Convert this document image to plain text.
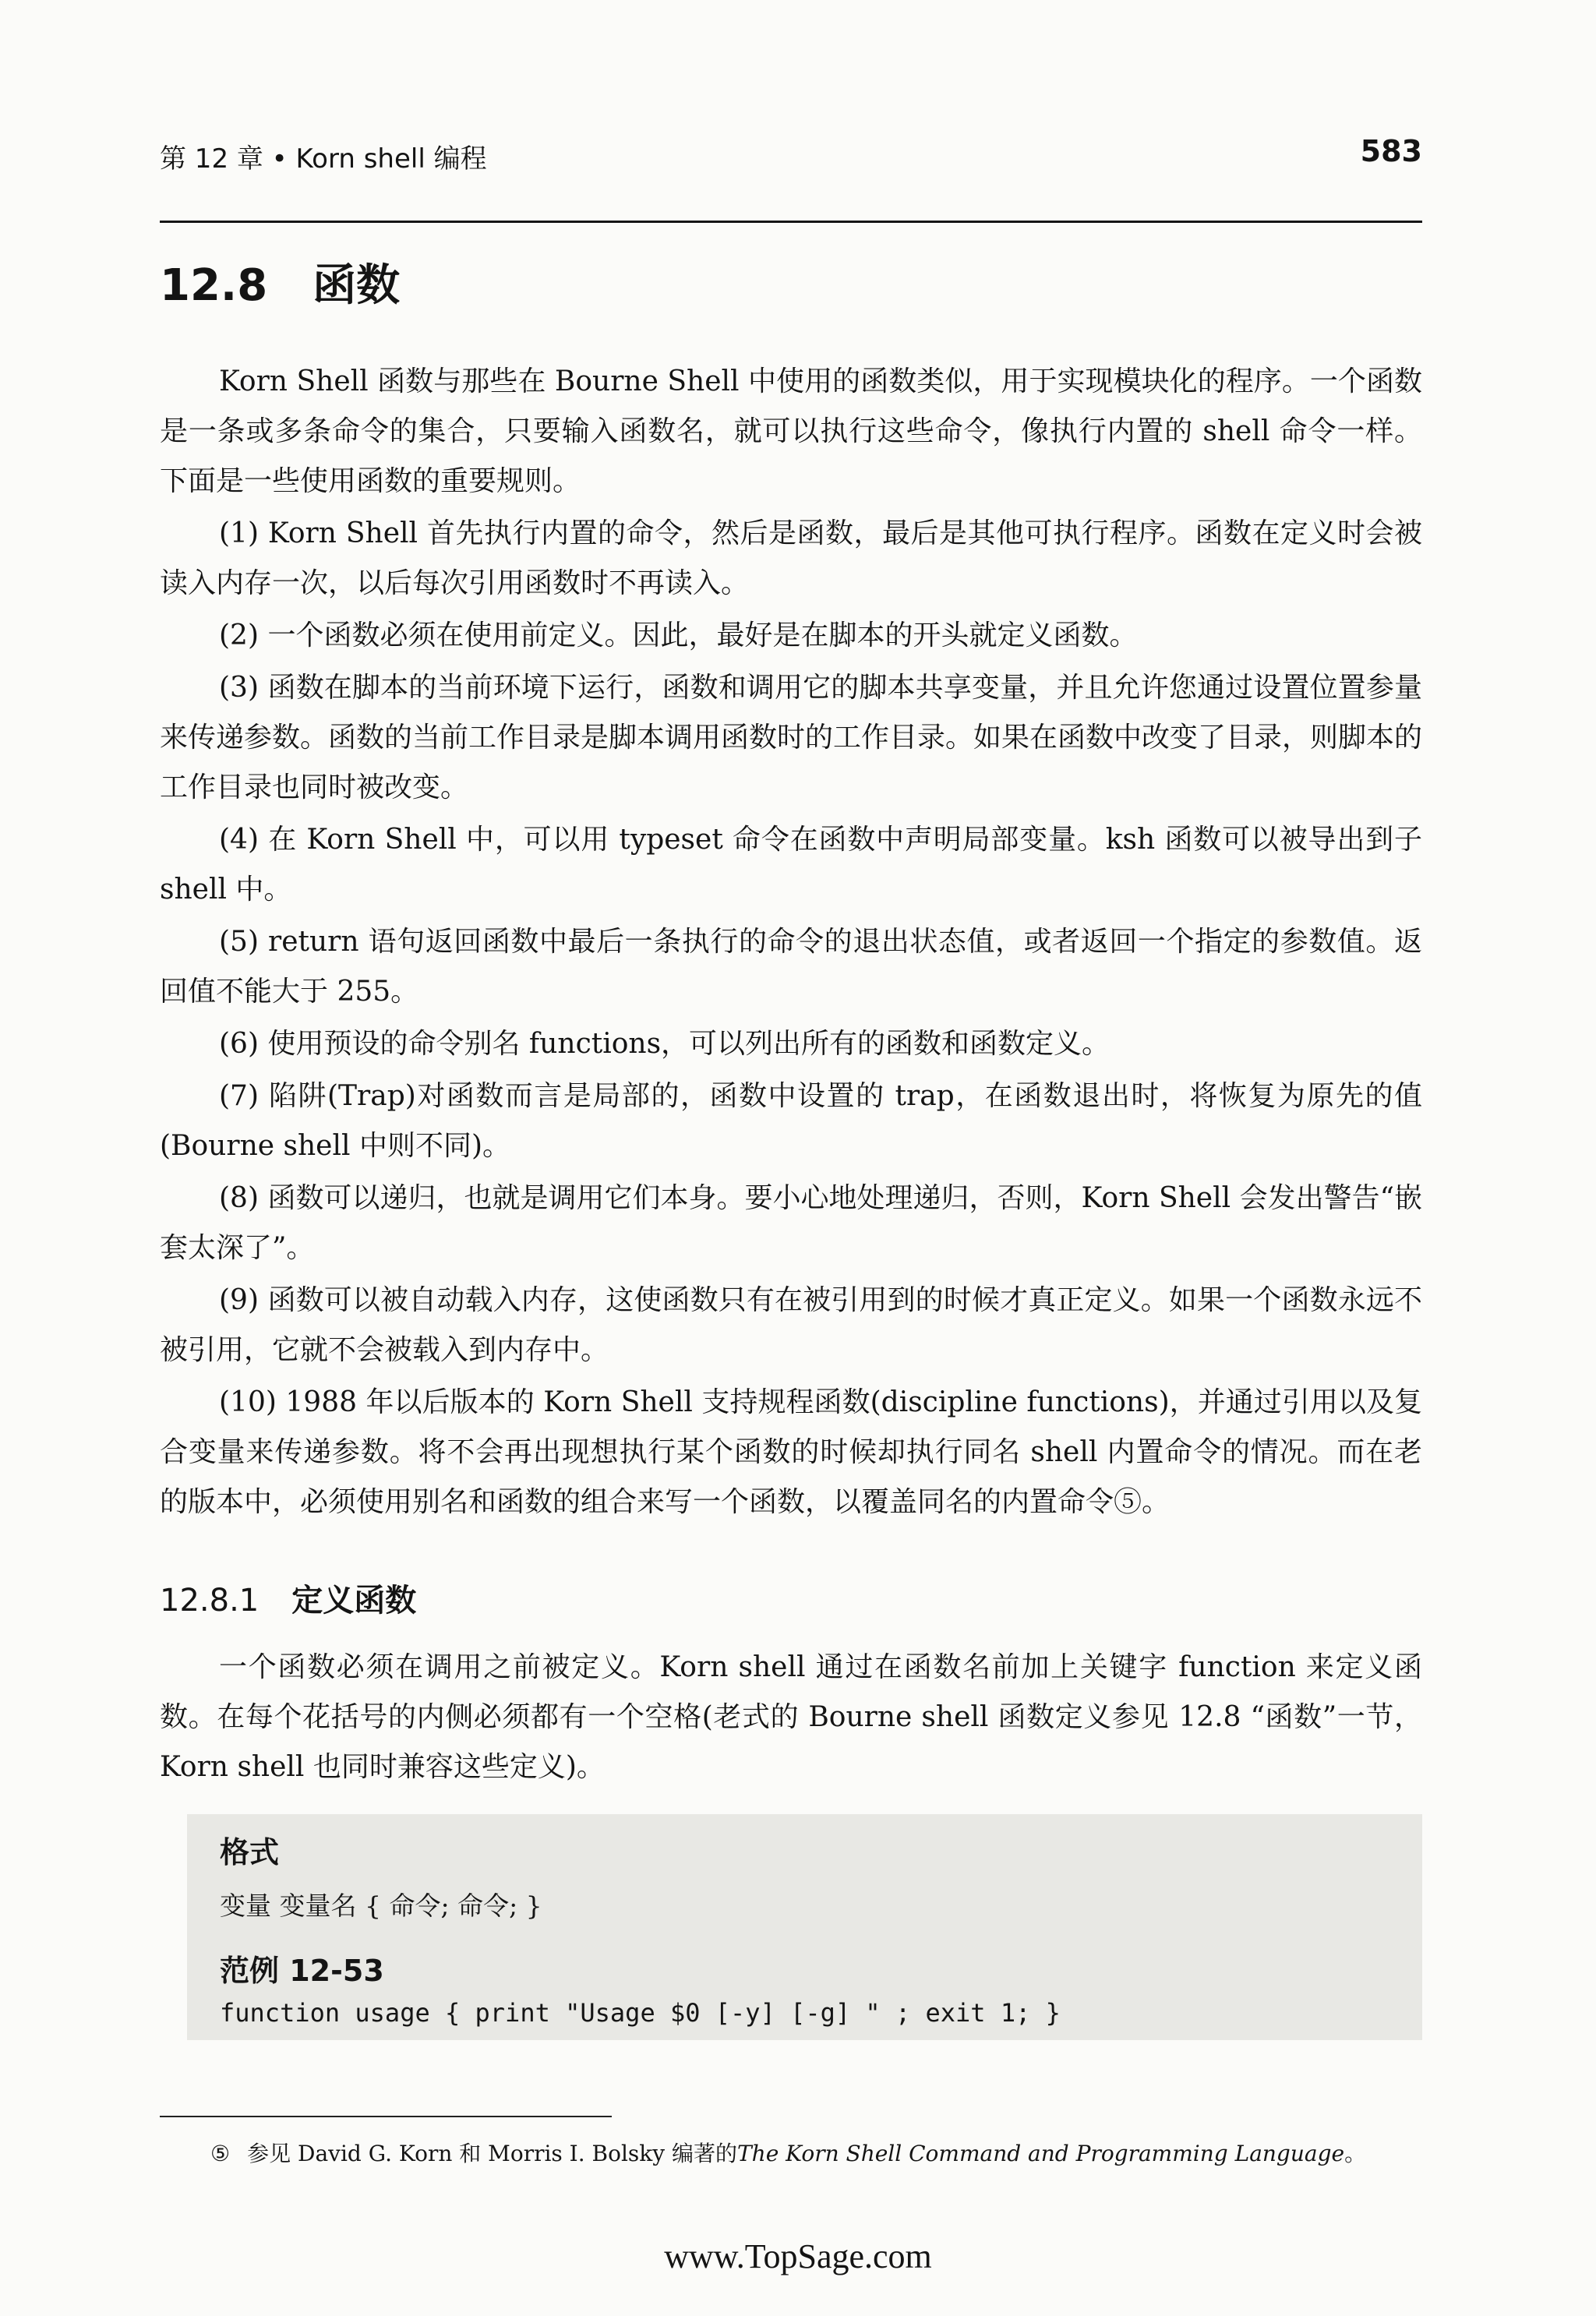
第 12 章 • Korn shell 编程	583
12.8 函数

Korn Shell 函数与那些在 Bourne Shell 中使用的函数类似，用于实现模块化的程序。一个函数是一条或多条命令的集合，只要输入函数名，就可以执行这些命令，像执行内置的 shell 命令一样。下面是一些使用函数的重要规则。

(1) Korn Shell 首先执行内置的命令，然后是函数，最后是其他可执行程序。函数在定义时会被读入内存一次，以后每次引用函数时不再读入。

(2) 一个函数必须在使用前定义。因此，最好是在脚本的开头就定义函数。

(3) 函数在脚本的当前环境下运行，函数和调用它的脚本共享变量，并且允许您通过设置位置参量来传递参数。函数的当前工作目录是脚本调用函数时的工作目录。如果在函数中改变了目录，则脚本的工作目录也同时被改变。

(4) 在 Korn Shell 中，可以用 typeset 命令在函数中声明局部变量。ksh 函数可以被导出到子 shell 中。

(5) return 语句返回函数中最后一条执行的命令的退出状态值，或者返回一个指定的参数值。返回值不能大于 255。

(6) 使用预设的命令别名 functions，可以列出所有的函数和函数定义。

(7) 陷阱(Trap)对函数而言是局部的，函数中设置的 trap，在函数退出时，将恢复为原先的值(Bourne shell 中则不同)。

(8) 函数可以递归，也就是调用它们本身。要小心地处理递归，否则，Korn Shell 会发出警告“嵌套太深了”。

(9) 函数可以被自动载入内存，这使函数只有在被引用到的时候才真正定义。如果一个函数永远不被引用，它就不会被载入到内存中。

(10) 1988 年以后版本的 Korn Shell 支持规程函数(discipline functions)，并通过引用以及复合变量来传递参数。将不会再出现想执行某个函数的时候却执行同名 shell 内置命令的情况。而在老的版本中，必须使用别名和函数的组合来写一个函数，以覆盖同名的内置命令⑤。

12.8.1 定义函数

一个函数必须在调用之前被定义。Korn shell 通过在函数名前加上关键字 function 来定义函数。在每个花括号的内侧必须都有一个空格(老式的 Bourne shell 函数定义参见 12.8 “函数”一节，Korn shell 也同时兼容这些定义)。

格式
变量 变量名 { 命令; 命令; }
范例 12-53
function usage { print "Usage $0 [-y] [-g] " ; exit 1; }
⑤ 参见 David G. Korn 和 Morris I. Bolsky 编著的The Korn Shell Command and Programming Language。
www.TopSage.com
